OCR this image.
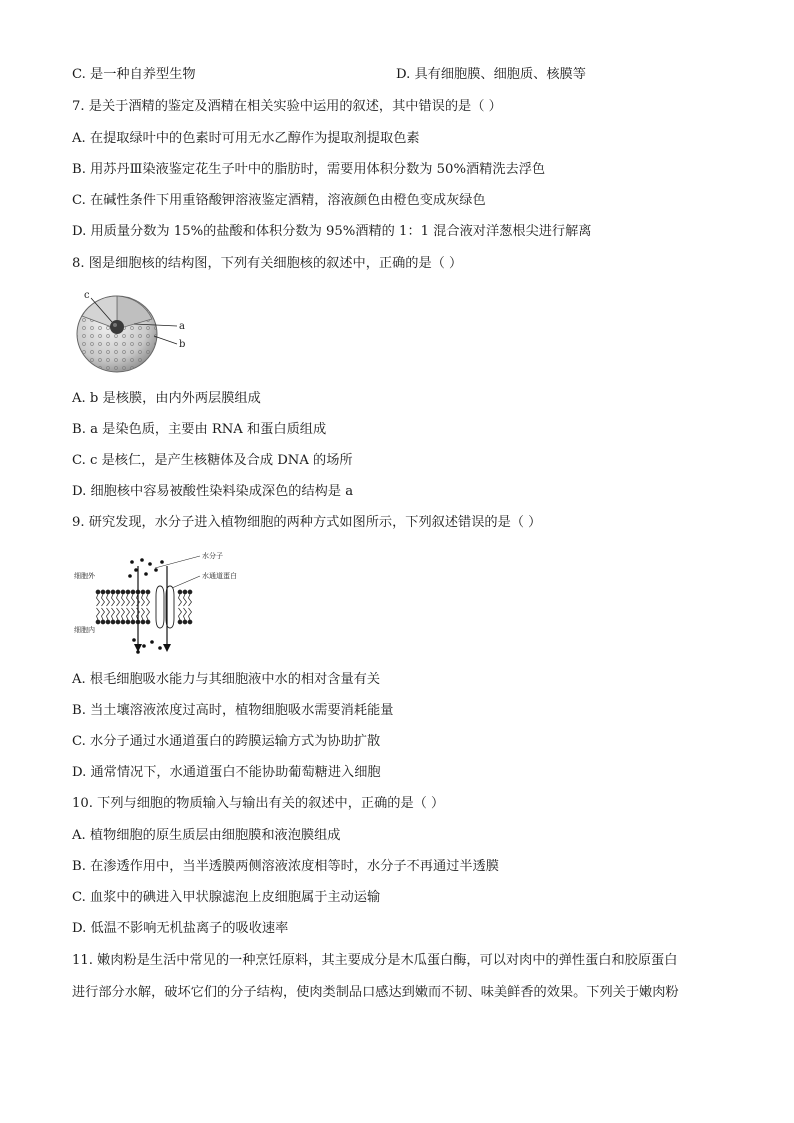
C. 是一种自养型生物	D. 具有细胞膜、细胞质、核膜等
7. 是关于酒精的鉴定及酒精在相关实验中运用的叙述，其中错误的是（ ）
A. 在提取绿叶中的色素时可用无水乙醇作为提取剂提取色素
B. 用苏丹Ⅲ染液鉴定花生子叶中的脂肪时，需要用体积分数为 50%酒精洗去浮色
C. 在碱性条件下用重铬酸钾溶液鉴定酒精，溶液颜色由橙色变成灰绿色
D. 用质量分数为 15%的盐酸和体积分数为 95%酒精的 1：1 混合液对洋葱根尖进行解离
8. 图是细胞核的结构图，下列有关细胞核的叙述中，正确的是（ ）
c
a
b
A. b 是核膜，由内外两层膜组成
B. a 是染色质，主要由 RNA 和蛋白质组成
C. c 是核仁，是产生核糖体及合成 DNA 的场所
D. 细胞核中容易被酸性染料染成深色的结构是 a
9. 研究发现，水分子进入植物细胞的两种方式如图所示，下列叙述错误的是（ ）
细胞外
细胞内
水分子
水通道蛋白
A. 根毛细胞吸水能力与其细胞液中水的相对含量有关
B. 当土壤溶液浓度过高时，植物细胞吸水需要消耗能量
C. 水分子通过水通道蛋白的跨膜运输方式为协助扩散
D. 通常情况下，水通道蛋白不能协助葡萄糖进入细胞
10. 下列与细胞的物质输入与输出有关的叙述中，正确的是（ ）
A. 植物细胞的原生质层由细胞膜和液泡膜组成
B. 在渗透作用中，当半透膜两侧溶液浓度相等时，水分子不再通过半透膜
C. 血浆中的碘进入甲状腺滤泡上皮细胞属于主动运输
D. 低温不影响无机盐离子的吸收速率
11. 嫩肉粉是生活中常见的一种烹饪原料，其主要成分是木瓜蛋白酶，可以对肉中的弹性蛋白和胶原蛋白
进行部分水解，破坏它们的分子结构，使肉类制品口感达到嫩而不韧、味美鲜香的效果。下列关于嫩肉粉
